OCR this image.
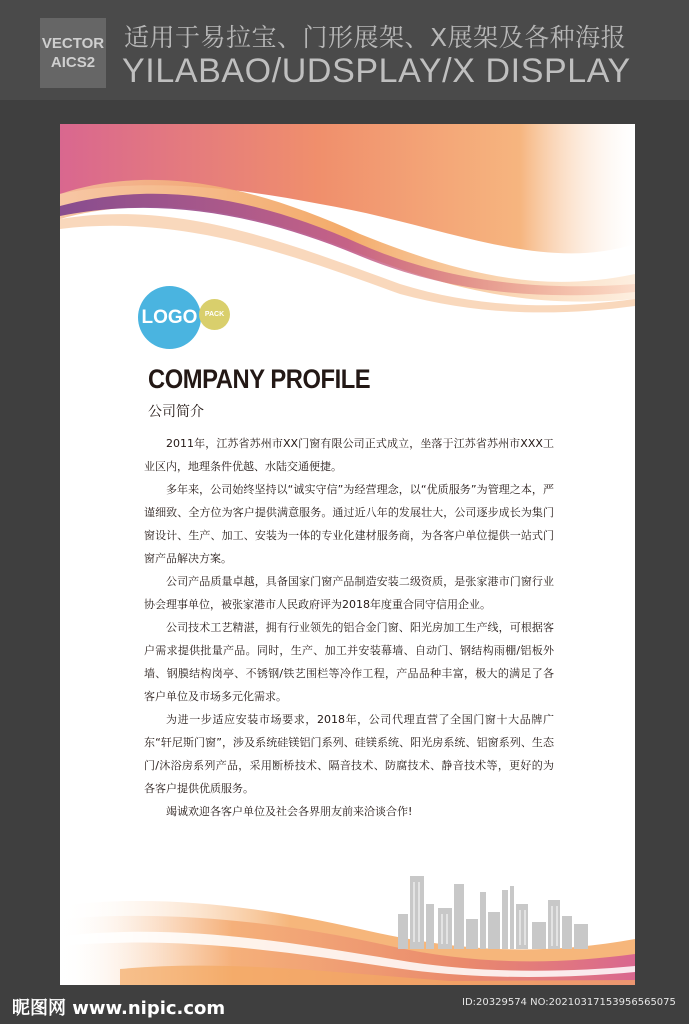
VECTOR
AICS2
适用于易拉宝、门形展架、X展架及各种海报
YILABAO/UDSPLAY/X DISPLAY
LOGO PACK
COMPANY PROFILE
公司简介

2011年，江苏省苏州市XX门窗有限公司正式成立，坐落于江苏省苏州市XXX工业区内，地理条件优越、水陆交通便捷。

多年来，公司始终坚持以“诚实守信”为经营理念，以“优质服务”为管理之本，严谨细致、全方位为客户提供满意服务。通过近八年的发展壮大，公司逐步成长为集门窗设计、生产、加工、安装为一体的专业化建材服务商，为各客户单位提供一站式门窗产品解决方案。

公司产品质量卓越，具备国家门窗产品制造安装二级资质，是张家港市门窗行业协会理事单位，被张家港市人民政府评为2018年度重合同守信用企业。

公司技术工艺精湛，拥有行业领先的铝合金门窗、阳光房加工生产线，可根据客户需求提供批量产品。同时，生产、加工并安装幕墙、自动门、钢结构雨棚/铝板外墙、钢膜结构岗亭、不锈钢/铁艺围栏等冷作工程，产品品种丰富，极大的满足了各客户单位及市场多元化需求。

为进一步适应安装市场要求，2018年，公司代理直营了全国门窗十大品牌广东“轩尼斯门窗”，涉及系统硅镁铝门系列、硅镁系统、阳光房系统、铝窗系列、生态门/沐浴房系列产品，采用断桥技术、隔音技术、防腐技术、静音技术等，更好的为各客户提供优质服务。

竭诚欢迎各客户单位及社会各界朋友前来洽谈合作!

昵图网 www.nipic.com	ID:20329574 NO:20210317153956565075
